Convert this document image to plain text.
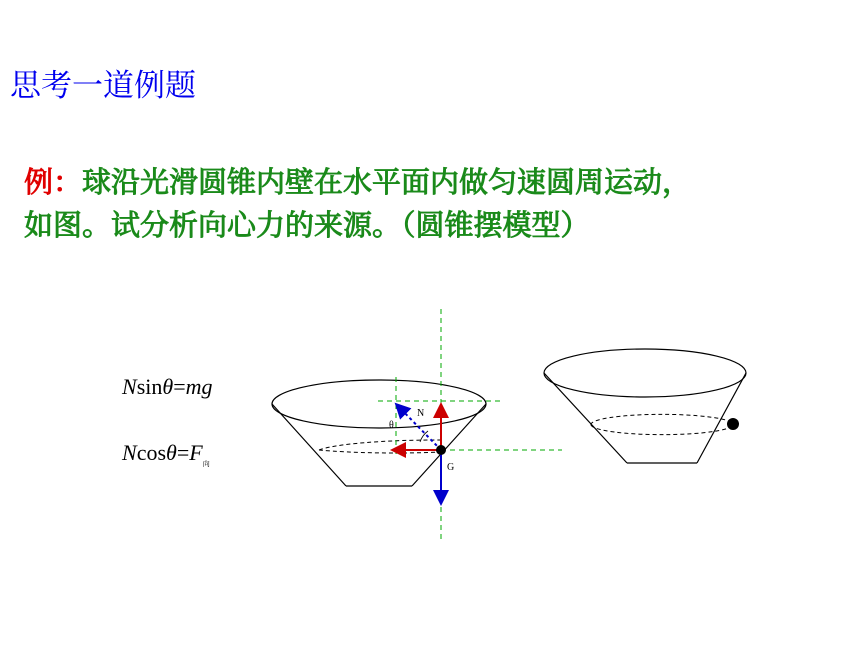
思考一道例题
例：球沿光滑圆锥内壁在水平面内做匀速圆周运动，
如图。试分析向心力的来源。（圆锥摆模型）
Nsinθ=mg
$Ncos\theta=F_向$
N
θ
G
